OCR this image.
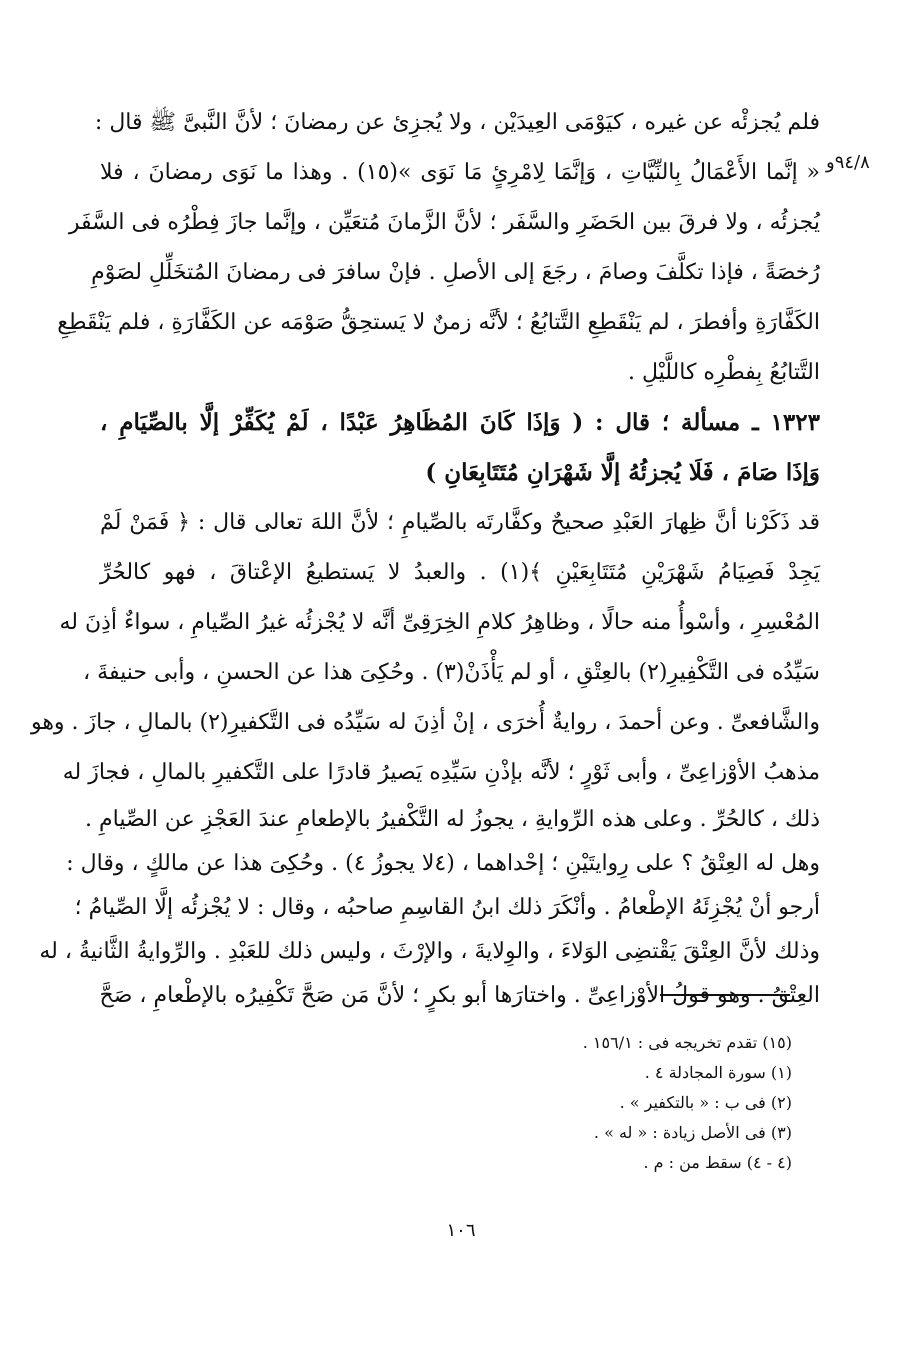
٩٤/٨و
فلم يُجزئْه عن غيره ، كيَوْمَى العِيدَيْن ، ولا يُجزِئ عن رمضانَ ؛ لأنَّ النَّبىَّ ﷺ قال :
« إنَّما الأَعْمَالُ بِالنِّيَّاتِ ، وَإنَّمَا لِامْرِئٍ مَا نَوَى »(١٥) . وهذا ما نَوَى رمضانَ ، فلا
يُجزئُه ، ولا فرقَ بين الحَضَرِ والسَّفَر ؛ لأنَّ الزَّمانَ مُتعَيِّن ، وإنَّما جازَ فِطْرُه فى السَّفَر
رُخصَةً ، فإذا تكلَّفَ وصامَ ، رجَعَ إلى الأصلِ . فإنْ سافرَ فى رمضانَ المُتخَلِّلِ لصَوْمِ
الكَفَّارَةِ وأفطرَ ، لم يَنْقَطِعِ التَّتابُعُ ؛ لأنَّه زمنٌ لا يَستحِقُّ صَوْمَه عن الكَفَّارَةِ ، فلم يَنْقَطِعِ
التَّتابُعُ بِفطْرِه كاللَّيْلِ .
١٣٢٣ ـ مسألة ؛ قال : ( وَإذَا كَانَ المُظَاهِرُ عَبْدًا ، لَمْ يُكَفِّرْ إلَّا بالصِّيَامِ ،
وَإذَا صَامَ ، فَلَا يُجزئُهُ إلَّا شَهْرَانِ مُتَتَابِعَانِ )
قد ذَكَرْنا أنَّ ظِهارَ العَبْدِ صحيحٌ وكفَّارتَه بالصِّيامِ ؛ لأنَّ اللهَ تعالى قال : ﴿ فَمَنْ لَمْ
يَجِدْ فَصِيَامُ شَهْرَيْنِ مُتَتَابِعَيْنِ ﴾(١) . والعبدُ لا يَستطيعُ الإعْتاقَ ، فهو كالحُرِّ
المُعْسِرِ ، وأسْوأُ منه حالًا ، وظاهِرُ كلامِ الخِرَقِىِّ أنَّه لا يُجْزئُه غيرُ الصِّيامِ ، سواءٌ أذِنَ له
سَيِّدُه فى التَّكْفِيرِ(٢) بالعِتْقِ ، أو لم يَأْذَنْ(٣) . وحُكِىَ هذا عن الحسنِ ، وأبى حنيفةَ ،
والشَّافعىِّ . وعن أحمدَ ، روايةٌ أُخرَى ، إنْ أذِنَ له سَيِّدُه فى التَّكفيرِ(٢) بالمالِ ، جازَ . وهو
مذهبُ الأوْزاعِىِّ ، وأبى ثَوْرٍ ؛ لأنَّه بإذْنِ سَيِّدِه يَصيرُ قادرًا على التَّكفيرِ بالمالِ ، فجازَ له
ذلك ، كالحُرِّ . وعلى هذه الرِّوايةِ ، يجوزُ له التَّكْفيرُ بالإطعامِ عندَ العَجْزِ عن الصِّيامِ .
وهل له العِتْقُ ؟ على رِوايتَيْنِ ؛ إحْداهما ، (٤لا يجوزُ ٤) . وحُكِىَ هذا عن مالكٍ ، وقال :
أرجو أنْ يُجْزِئَهُ الإطْعامُ . وأنْكَرَ ذلك ابنُ القاسِمِ صاحبُه ، وقال : لا يُجْزئُه إلَّا الصِّيامُ ؛
وذلك لأنَّ العِتْقَ يَقْتضِى الوَلاءَ ، والوِلايةَ ، والإرْثَ ، وليس ذلك للعَبْدِ . والرِّوايةُ الثَّانيةُ ، له
العِتْقُ . وهو قولُ الأوْزاعِىِّ . واختارَها أبو بكرٍ ؛ لأنَّ مَن صَحَّ تَكْفِيرُه بالإطْعامِ ، صَحَّ
(١٥) تقدم تخريجه فى : ١٥٦/١ .
(١) سورة المجادلة ٤ .
(٢) فى ب : « بالتكفير » .
(٣) فى الأصل زيادة : « له » .
(٤ - ٤) سقط من : م .
١٠٦
